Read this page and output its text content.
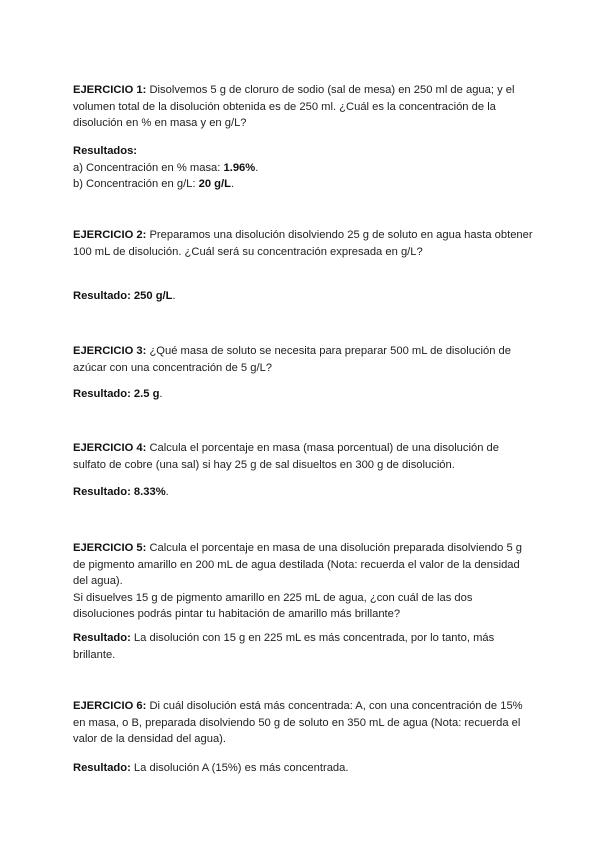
EJERCICIO 1: Disolvemos 5 g de cloruro de sodio (sal de mesa) en 250 ml de agua; y el volumen total de la disolución obtenida es de 250 ml. ¿Cuál es la concentración de la disolución en % en masa y en g/L?

Resultados:

a) Concentración en % masa: 1.96%.

b) Concentración en g/L: 20 g/L.

EJERCICIO 2: Preparamos una disolución disolviendo 25 g de soluto en agua hasta obtener 100 mL de disolución. ¿Cuál será su concentración expresada en g/L?

Resultado: 250 g/L.

EJERCICIO 3: ¿Qué masa de soluto se necesita para preparar 500 mL de disolución de azúcar con una concentración de 5 g/L?

Resultado: 2.5 g.

EJERCICIO 4: Calcula el porcentaje en masa (masa porcentual) de una disolución de sulfato de cobre (una sal) si hay 25 g de sal disueltos en 300 g de disolución.

Resultado: 8.33%.

EJERCICIO 5: Calcula el porcentaje en masa de una disolución preparada disolviendo 5 g de pigmento amarillo en 200 mL de agua destilada (Nota: recuerda el valor de la densidad del agua).

Si disuelves 15 g de pigmento amarillo en 225 mL de agua, ¿con cuál de las dos disoluciones podrás pintar tu habitación de amarillo más brillante?

Resultado: La disolución con 15 g en 225 mL es más concentrada, por lo tanto, más brillante.

EJERCICIO 6: Di cuál disolución está más concentrada: A, con una concentración de 15% en masa, o B, preparada disolviendo 50 g de soluto en 350 mL de agua (Nota: recuerda el valor de la densidad del agua).

Resultado: La disolución A (15%) es más concentrada.
